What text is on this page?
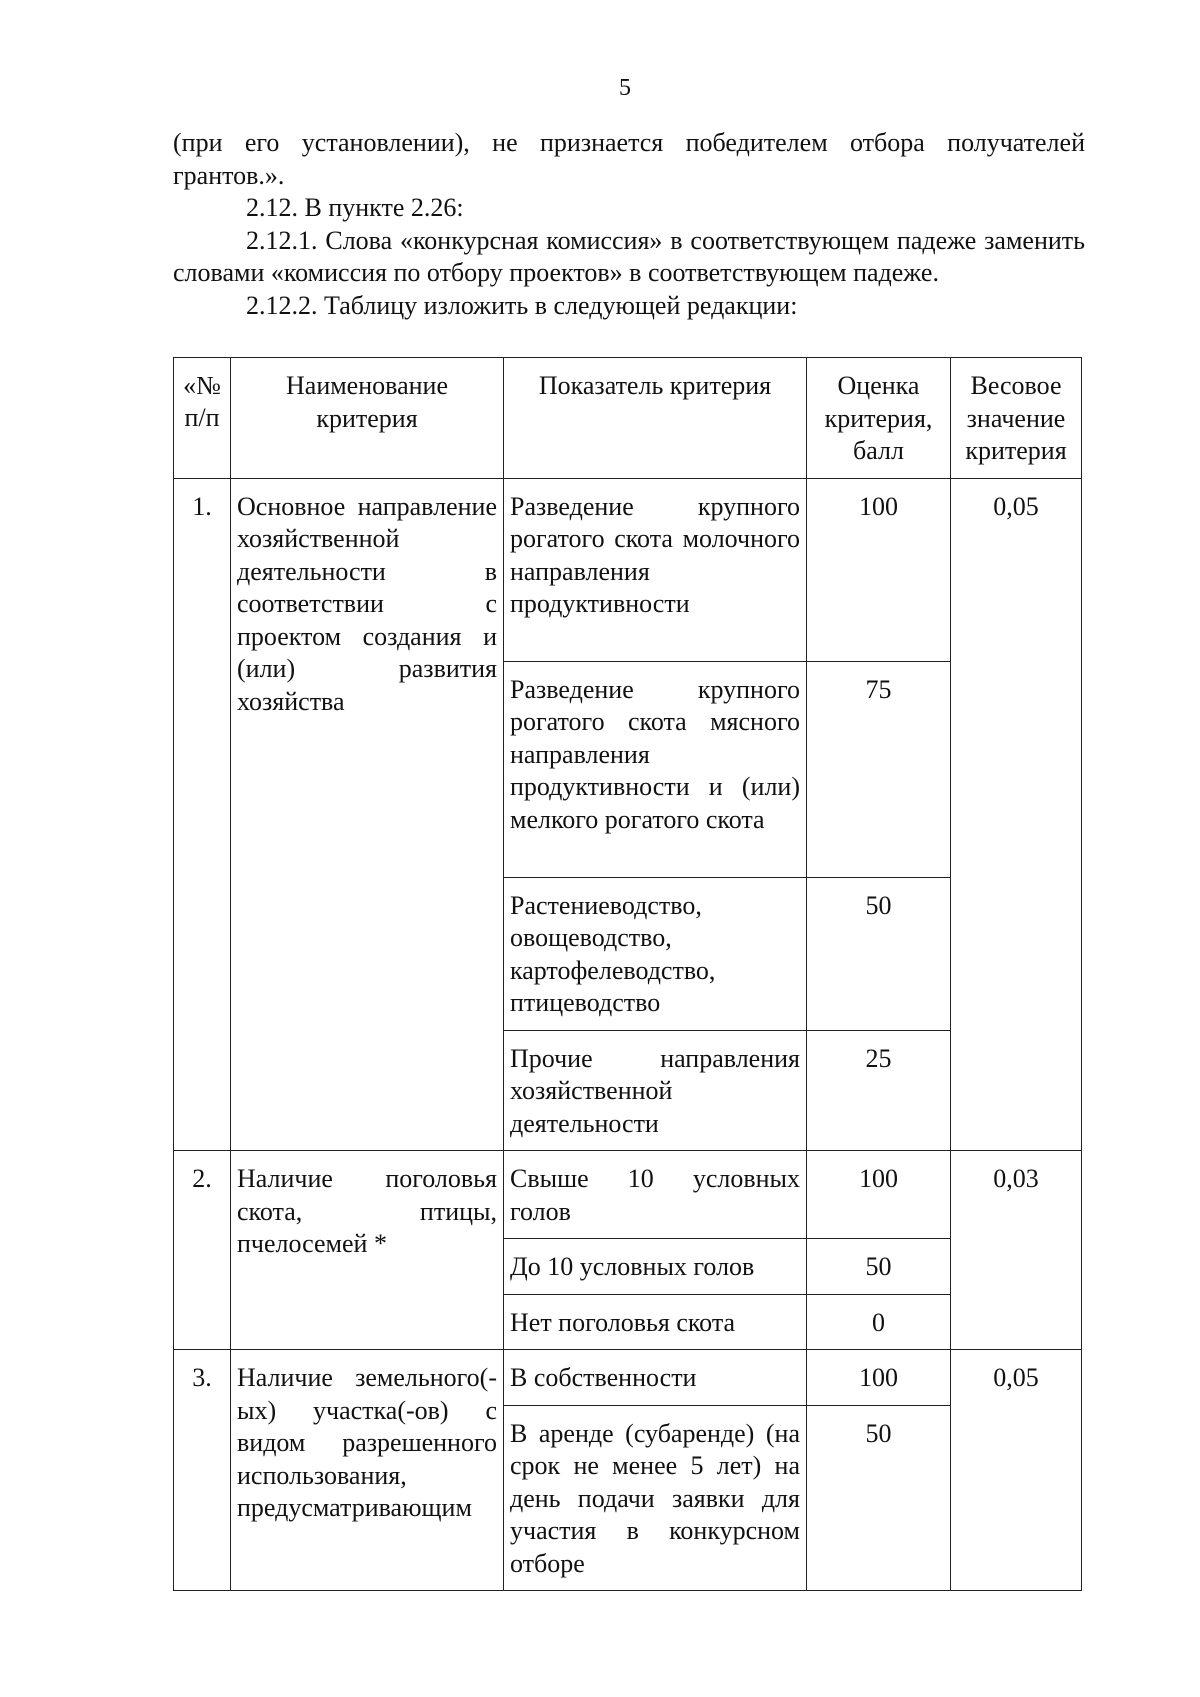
5

(при его установлении), не признается победителем отбора получателей грантов.».

2.12. В пункте 2.26:

2.12.1. Слова «конкурсная комиссия» в соответствующем падеже заменить словами «комиссия по отбору проектов» в соответствующем падеже.

2.12.2. Таблицу изложить в следующей редакции:

«№ п/п	Наименование критерия	Показатель критерия	Оценка критерия, балл	Весовое значение критерия
1.	Основное направление хозяйственной деятельности в соответствии с проектом создания и (или) развития хозяйства	Разведение крупного рогатого скота молочного направления продуктивности	100	0,05
		Разведение крупного рогатого скота мясного направления продуктивности и (или) мелкого рогатого скота	75	
		Растениеводство, овощеводство, картофелеводство, птицеводство	50	
		Прочие направления хозяйственной деятельности	25	
2.	Наличие поголовья скота, птицы, пчелосемей *	Свыше 10 условных голов	100	0,03
		До 10 условных голов	50	
		Нет поголовья скота	0	
3.	Наличие земельного(-ых) участка(-ов) с видом разрешенного использования, предусматривающим	В собственности	100	0,05
		В аренде (субаренде) (на срок не менее 5 лет) на день подачи заявки для участия в конкурсном отборе	50	
